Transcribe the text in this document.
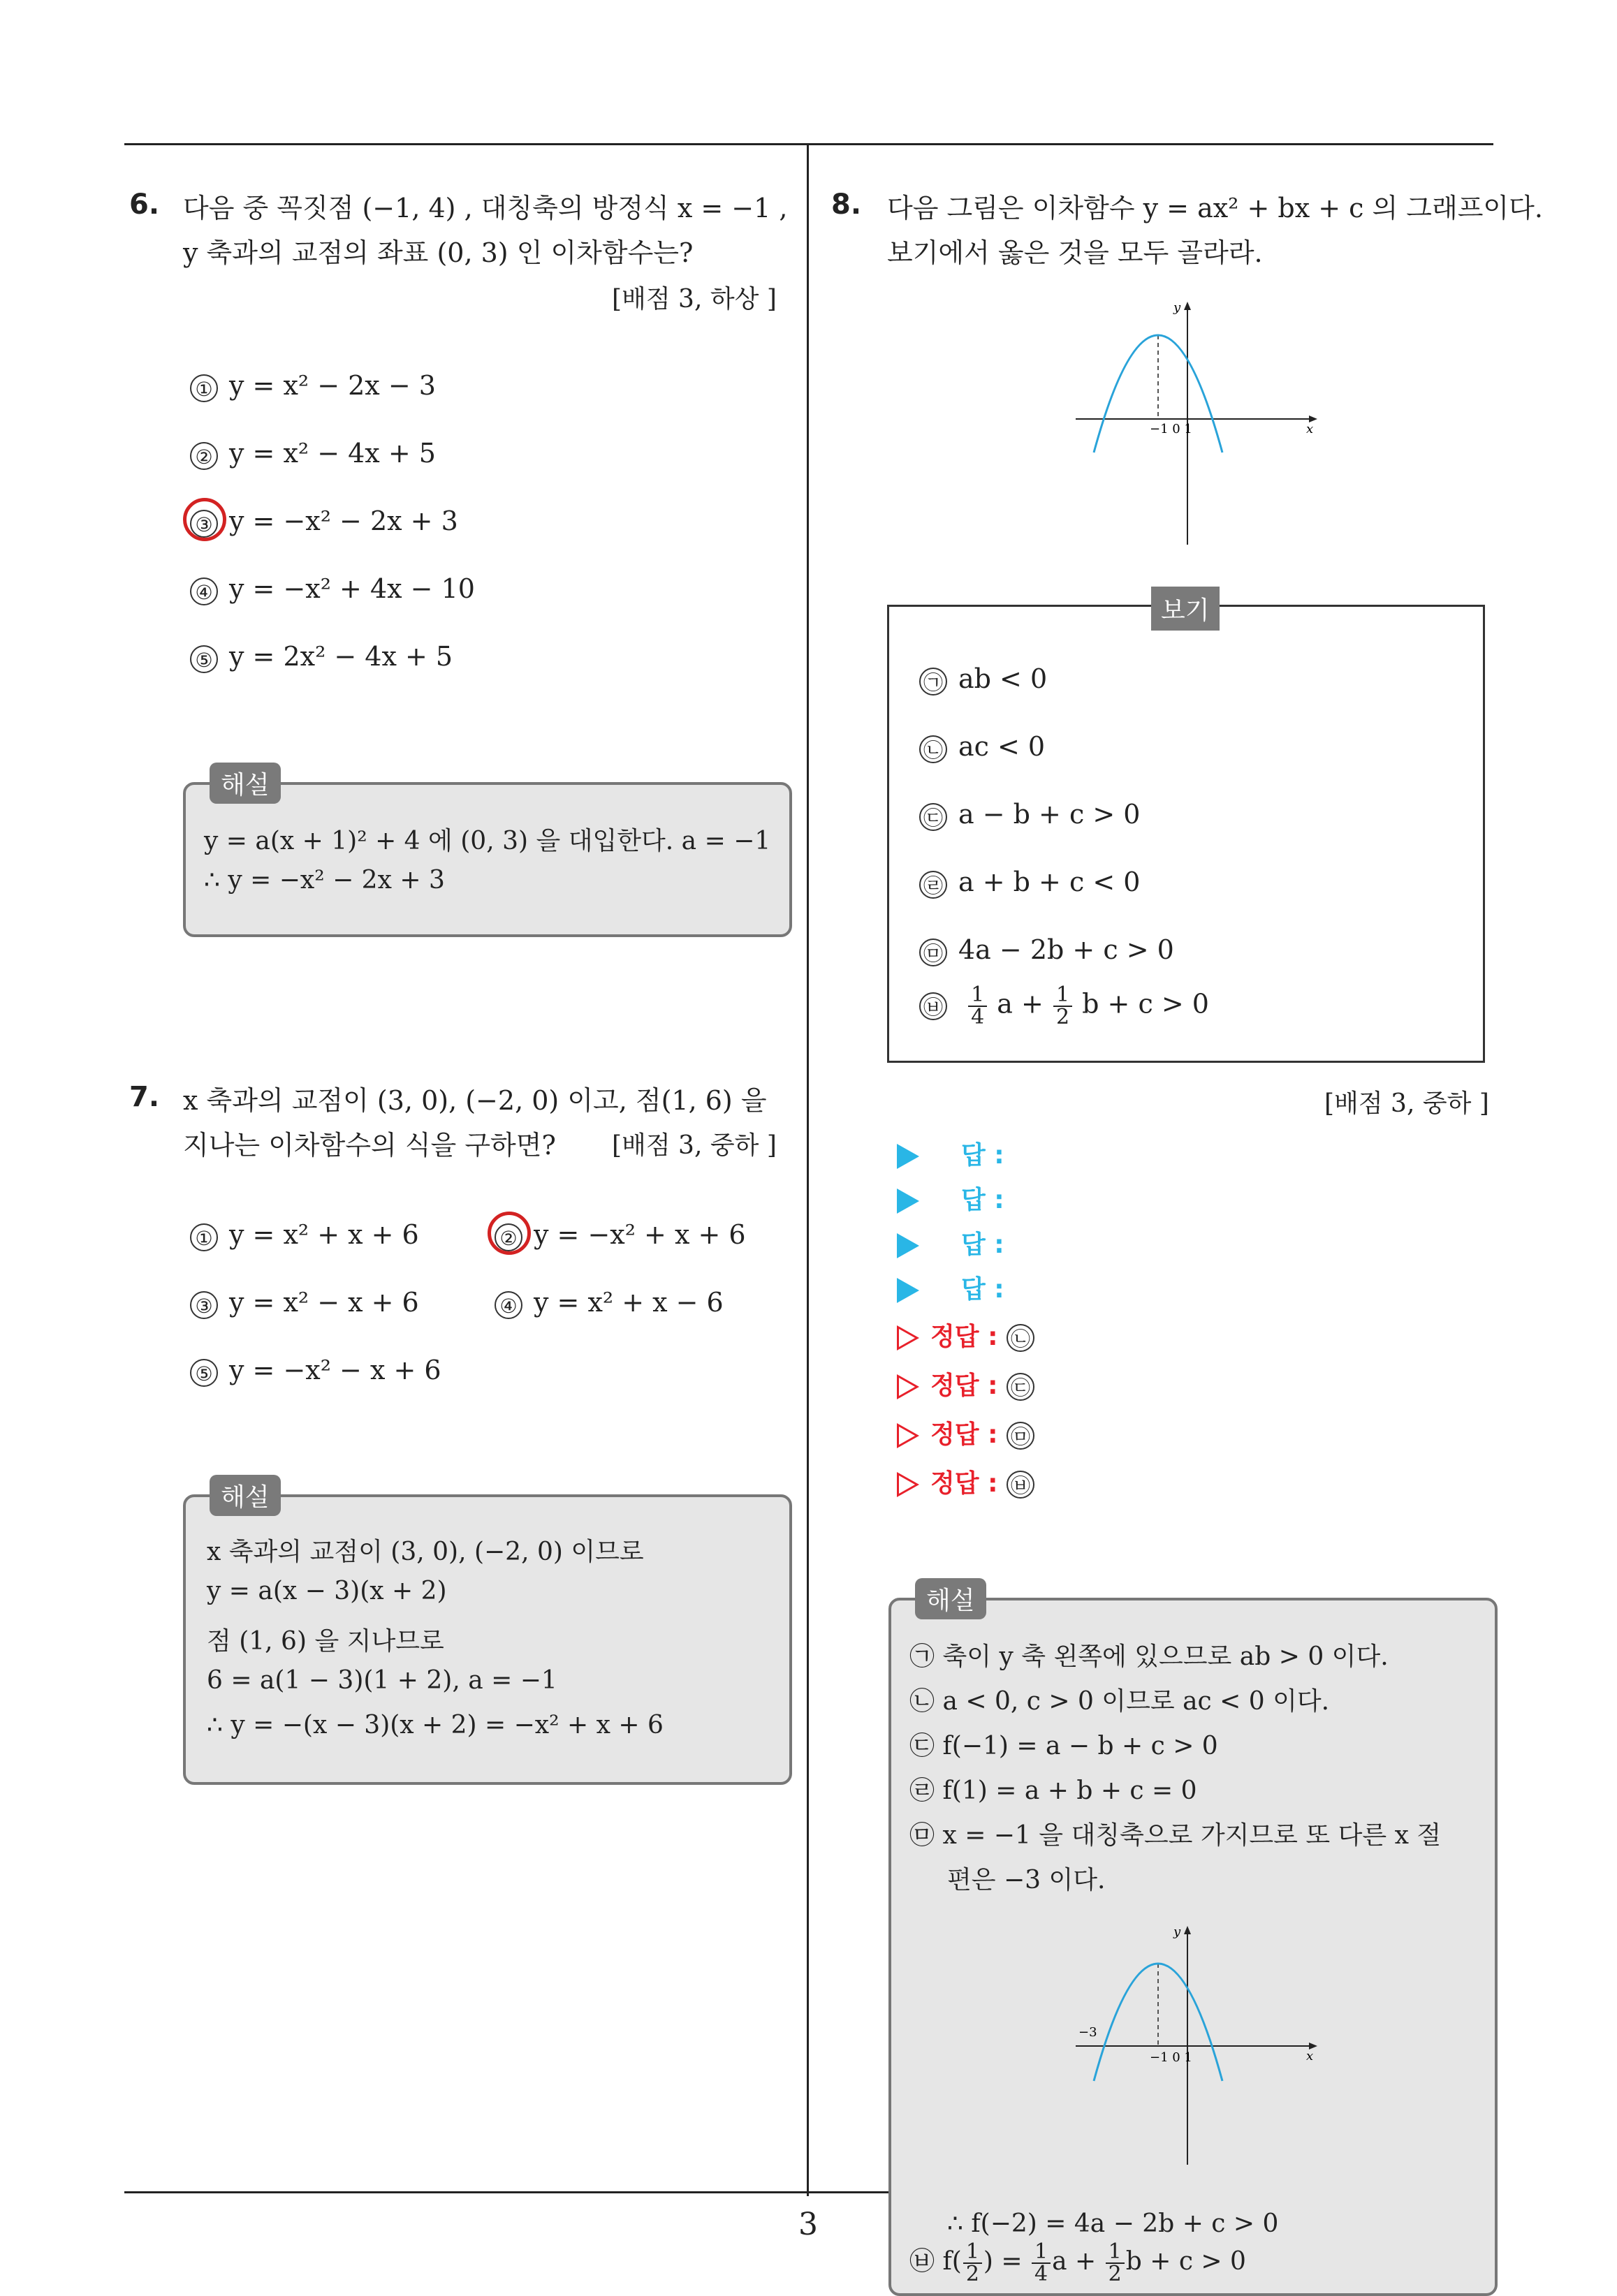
3
6. 다음 중 꼭짓점 (−1, 4) , 대칭축의 방정식 x = −1 ,
y 축과의 교점의 좌표 (0, 3) 인 이차함수는?
[배점 3, 하상 ]
① y = x² − 2x − 3
② y = x² − 4x + 5
③ y = −x² − 2x + 3
④ y = −x² + 4x − 10
⑤ y = 2x² − 4x + 5
해설
y = a(x + 1)² + 4 에 (0, 3) 을 대입한다. a = −1
∴ y = −x² − 2x + 3
7. x 축과의 교점이 (3, 0), (−2, 0) 이고, 점(1, 6) 을
지나는 이차함수의 식을 구하면? [배점 3, 중하 ]
① y = x² + x + 6	② y = −x² + x + 6
③ y = x² − x + 6	④ y = x² + x − 6
⑤ y = −x² − x + 6
해설
x 축과의 교점이 (3, 0), (−2, 0) 이므로
y = a(x − 3)(x + 2)
점 (1, 6) 을 지나므로
6 = a(1 − 3)(1 + 2), a = −1
∴ y = −(x − 3)(x + 2) = −x² + x + 6
8. 다음 그림은 이차함수 y = ax² + bx + c 의 그래프이다.
보기에서 옳은 것을 모두 골라라.
y
x
−1 0 1
보기
㉠ ab < 0
㉡ ac < 0
㉢ a − b + c > 0
㉣ a + b + c < 0
㉤ 4a − 2b + c > 0
㉥ $\frac{1}{4}$ $a + \frac{1}{2}$ b + c > 0
[배점 3, 중하 ]
답 :
답 :
답 :
답 :
정답 : ㉡
정답 : ㉢
정답 : ㉤
정답 : ㉥
해설
㉠ 축이 y 축 왼쪽에 있으므로 ab > 0 이다.
㉡ a < 0, c > 0 이므로 ac < 0 이다.
㉢ f(−1) = a − b + c > 0
㉣ f(1) = a + b + c = 0
㉤ x = −1 을 대칭축으로 가지므로 또 다른 x 절
편은 −3 이다.
y
x
−1 0 1
−3
∴ f(−2) = 4a − 2b + c > 0
㉥ $f( \frac{1}{2}$ ) = $\frac{1}{4}$ $a + \frac{1}{2}$ b + c > 0
